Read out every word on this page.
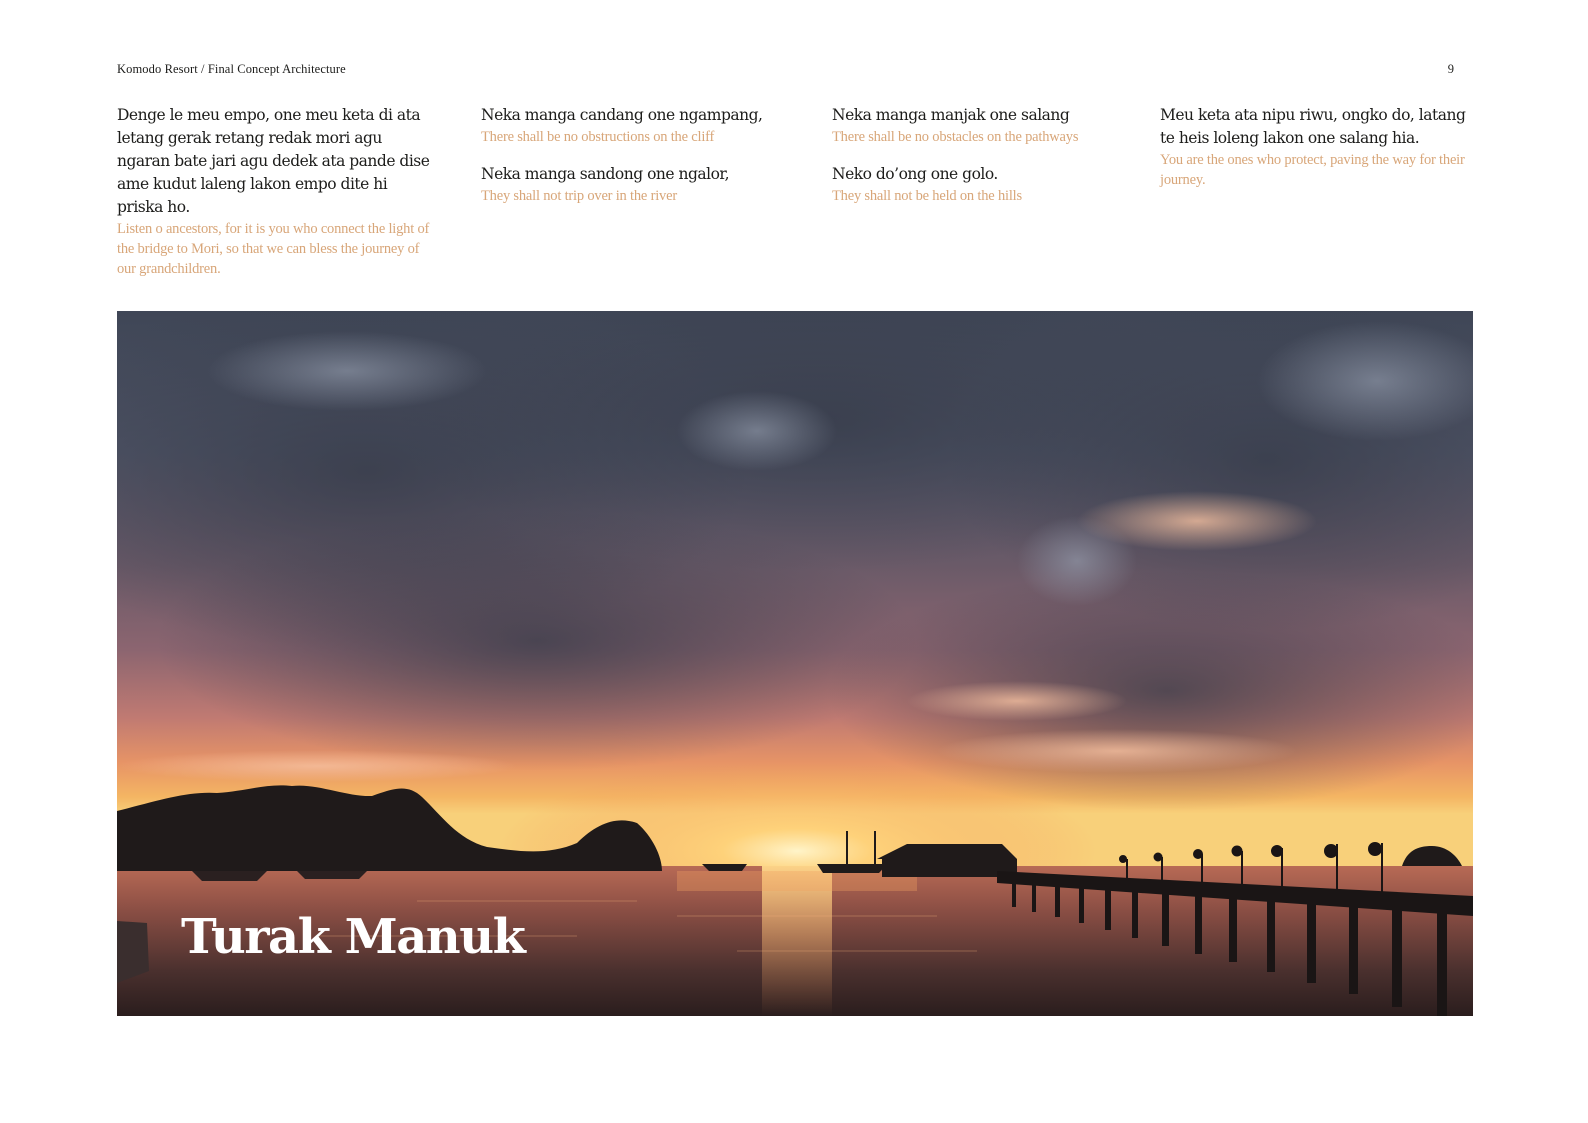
Komodo Resort / Final Concept Architecture	9

Denge le meu empo, one meu keta di ata letang gerak retang redak mori agu ngaran bate jari agu dedek ata pande dise ame kudut laleng lakon empo dite hi priska ho.

Listen o ancestors, for it is you who connect the light of the bridge to Mori, so that we can bless the journey of our grandchildren.

Neka manga candang one ngampang,

There shall be no obstructions on the cliff

Neka manga sandong one ngalor,

They shall not trip over in the river

Neka manga manjak one salang

There shall be no obstacles on the pathways

Neko do’ong one golo.

They shall not be held on the hills

Meu keta ata nipu riwu, ongko do, latang te heis loleng lakon one salang hia.

You are the ones who protect, paving the way for their journey.

Turak Manuk
